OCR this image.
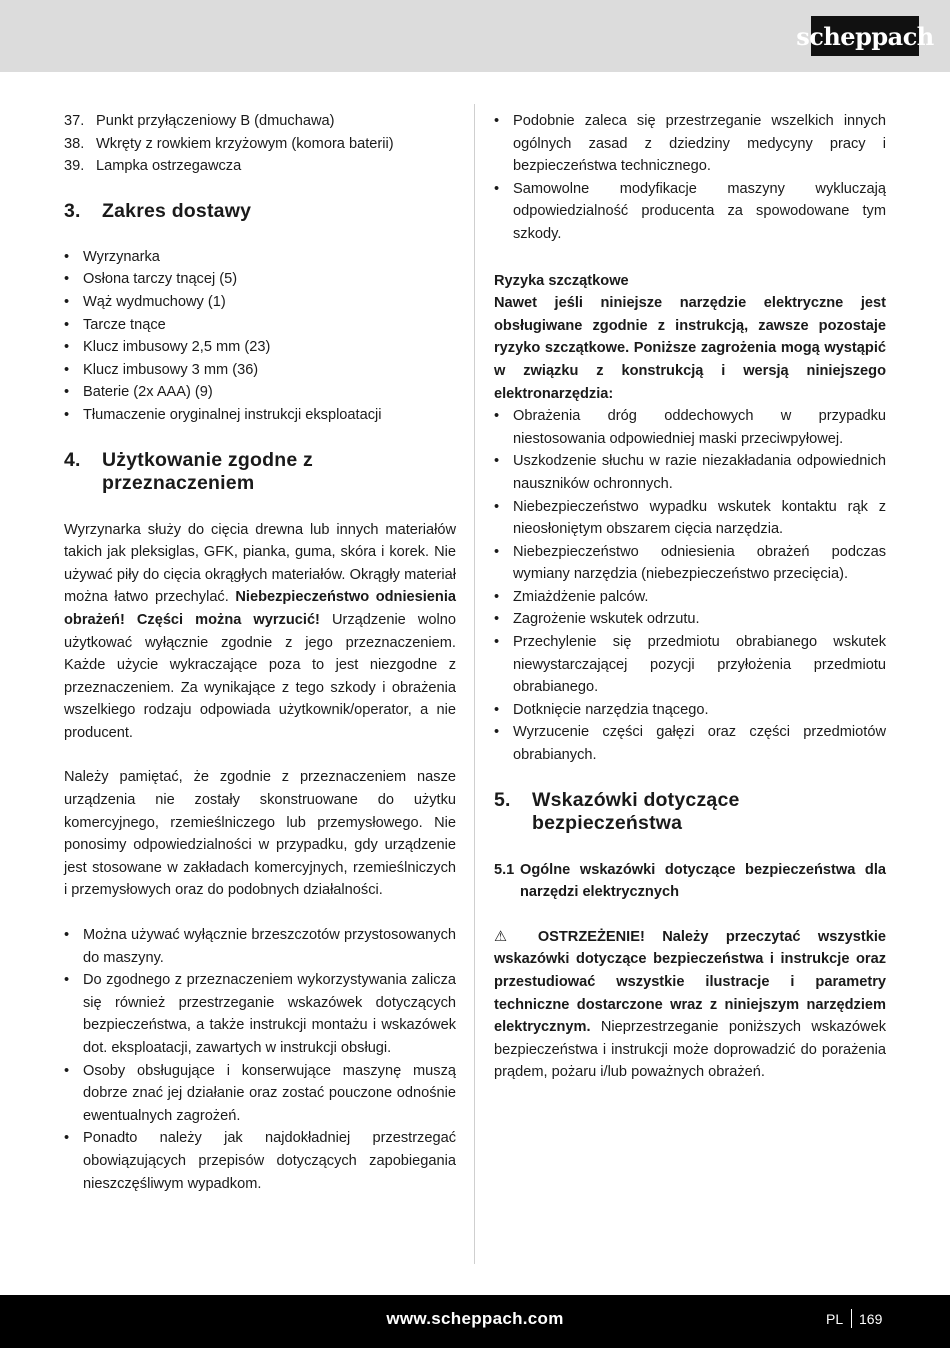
scheppach
37. Punkt przyłączeniowy B (dmuchawa)
38. Wkręty z rowkiem krzyżowym (komora baterii)
39. Lampka ostrzegawcza
3.	Zakres dostawy
• Wyrzynarka
• Osłona tarczy tnącej (5)
• Wąż wydmuchowy (1)
• Tarcze tnące
• Klucz imbusowy 2,5 mm (23)
• Klucz imbusowy 3 mm (36)
• Baterie (2x AAA) (9)
• Tłumaczenie oryginalnej instrukcji eksploatacji
4.	Użytkowanie zgodne z
przeznaczeniem

Wyrzynarka służy do cięcia drewna lub innych materiałów takich jak pleksiglas, GFK, pianka, guma, skóra i korek. Nie używać piły do cięcia okrągłych materiałów. Okrągły materiał można łatwo przechylać. Niebezpieczeństwo odniesienia obrażeń! Części można wyrzucić! Urządzenie wolno użytkować wyłącznie zgodnie z jego przeznaczeniem. Każde użycie wykraczające poza to jest niezgodne z przeznaczeniem. Za wynikające z tego szkody i obrażenia wszelkiego rodzaju odpowiada użytkownik/operator, a nie producent.

Należy pamiętać, że zgodnie z przeznaczeniem nasze urządzenia nie zostały skonstruowane do użytku komercyjnego, rzemieślniczego lub przemysłowego. Nie ponosimy odpowiedzialności w przypadku, gdy urządzenie jest stosowane w zakładach komercyjnych, rzemieślniczych i przemysłowych oraz do podobnych działalności.

• Można używać wyłącznie brzeszczotów przystosowanych do maszyny.
• Do zgodnego z przeznaczeniem wykorzystywania zalicza się również przestrzeganie wskazówek dotyczących bezpieczeństwa, a także instrukcji montażu i wskazówek dot. eksploatacji, zawartych w instrukcji obsługi.
• Osoby obsługujące i konserwujące maszynę muszą dobrze znać jej działanie oraz zostać pouczone odnośnie ewentualnych zagrożeń.
• Ponadto należy jak najdokładniej przestrzegać obowiązujących przepisów dotyczących zapobiegania nieszczęśliwym wypadkom.
• Podobnie zaleca się przestrzeganie wszelkich innych ogólnych zasad z dziedziny medycyny pracy i bezpieczeństwa technicznego.
• Samowolne modyfikacje maszyny wykluczają odpowiedzialność producenta za spowodowane tym szkody.

Ryzyka szczątkowe

Nawet jeśli niniejsze narzędzie elektryczne jest obsługiwane zgodnie z instrukcją, zawsze pozostaje ryzyko szczątkowe. Poniższe zagrożenia mogą wystąpić w związku z konstrukcją i wersją niniejszego elektronarzędzia:

• Obrażenia dróg oddechowych w przypadku niestosowania odpowiedniej maski przeciwpyłowej.
• Uszkodzenie słuchu w razie niezakładania odpowiednich nauszników ochronnych.
• Niebezpieczeństwo wypadku wskutek kontaktu rąk z nieosłoniętym obszarem cięcia narzędzia.
• Niebezpieczeństwo odniesienia obrażeń podczas wymiany narzędzia (niebezpieczeństwo przecięcia).
• Zmiażdżenie palców.
• Zagrożenie wskutek odrzutu.
• Przechylenie się przedmiotu obrabianego wskutek niewystarczającej pozycji przyłożenia przedmiotu obrabianego.
• Dotknięcie narzędzia tnącego.
• Wyrzucenie części gałęzi oraz części przedmiotów obrabianych.
5.	Wskazówki dotyczące
bezpieczeństwa

5.1 Ogólne wskazówki dotyczące bezpieczeństwa dla narzędzi elektrycznych

⚠ OSTRZEŻENIE! Należy przeczytać wszystkie wskazówki dotyczące bezpieczeństwa i instrukcje oraz przestudiować wszystkie ilustracje i parametry techniczne dostarczone wraz z niniejszym narzędziem elektrycznym. Nieprzestrzeganie poniższych wskazówek bezpieczeństwa i instrukcji może doprowadzić do porażenia prądem, pożaru i/lub poważnych obrażeń.

www.scheppach.com	PL 169
